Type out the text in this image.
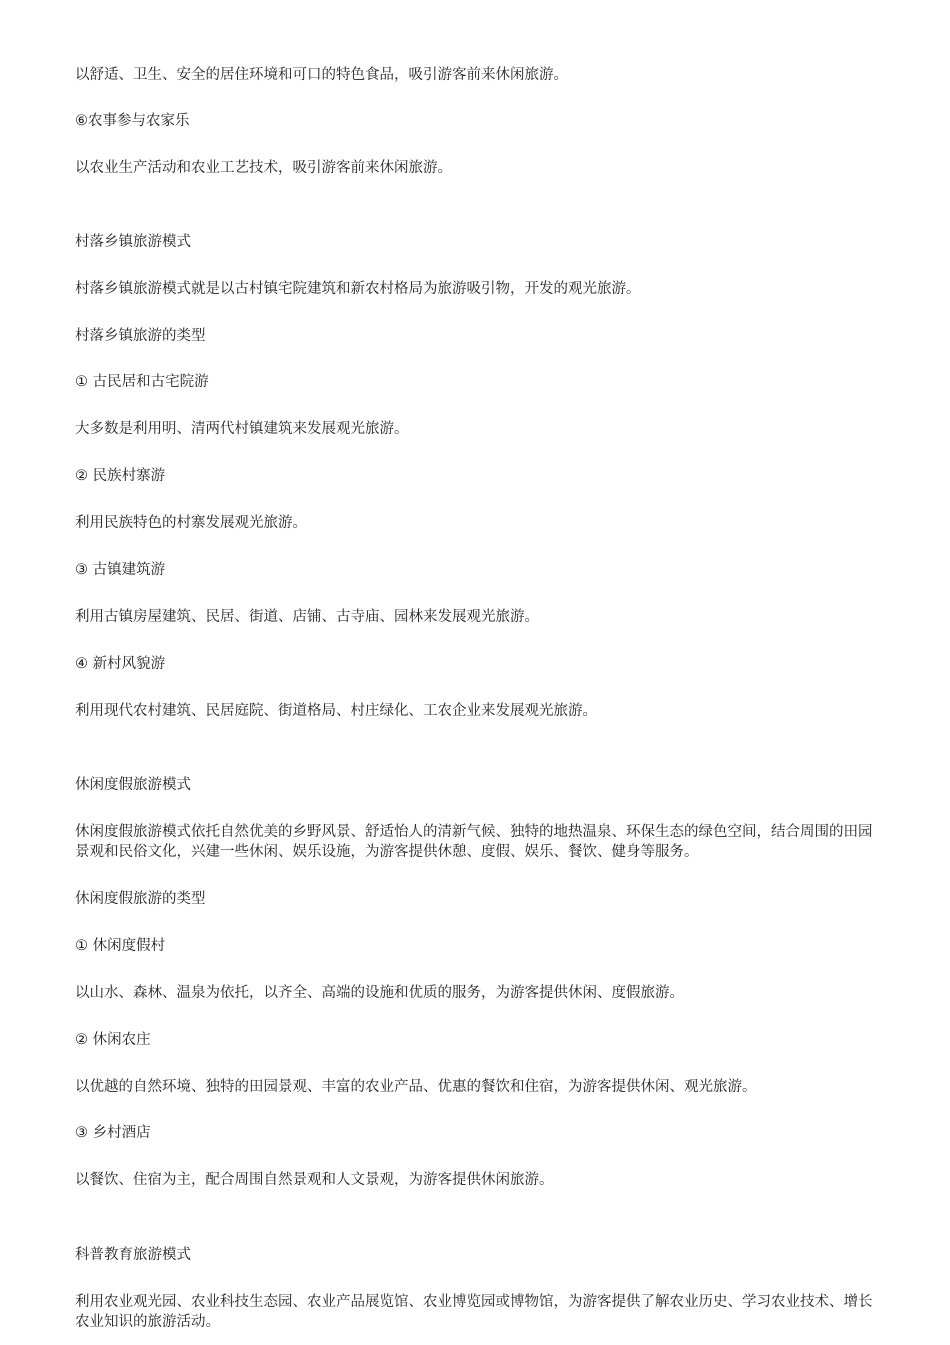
以舒适、卫生、安全的居住环境和可口的特色食品，吸引游客前来休闲旅游。

⑥农事参与农家乐

以农业生产活动和农业工艺技术，吸引游客前来休闲旅游。

村落乡镇旅游模式

村落乡镇旅游模式就是以古村镇宅院建筑和新农村格局为旅游吸引物，开发的观光旅游。

村落乡镇旅游的类型

① 古民居和古宅院游

大多数是利用明、清两代村镇建筑来发展观光旅游。

② 民族村寨游

利用民族特色的村寨发展观光旅游。

③ 古镇建筑游

利用古镇房屋建筑、民居、街道、店铺、古寺庙、园林来发展观光旅游。

④ 新村风貌游

利用现代农村建筑、民居庭院、街道格局、村庄绿化、工农企业来发展观光旅游。

休闲度假旅游模式

休闲度假旅游模式依托自然优美的乡野风景、舒适怡人的清新气候、独特的地热温泉、环保生态的绿色空间，结合周围的田园景观和民俗文化，兴建一些休闲、娱乐设施，为游客提供休憩、度假、娱乐、餐饮、健身等服务。

休闲度假旅游的类型

① 休闲度假村

以山水、森林、温泉为依托，以齐全、高端的设施和优质的服务，为游客提供休闲、度假旅游。

② 休闲农庄

以优越的自然环境、独特的田园景观、丰富的农业产品、优惠的餐饮和住宿，为游客提供休闲、观光旅游。

③ 乡村酒店

以餐饮、住宿为主，配合周围自然景观和人文景观，为游客提供休闲旅游。

科普教育旅游模式

利用农业观光园、农业科技生态园、农业产品展览馆、农业博览园或博物馆，为游客提供了解农业历史、学习农业技术、增长农业知识的旅游活动。
